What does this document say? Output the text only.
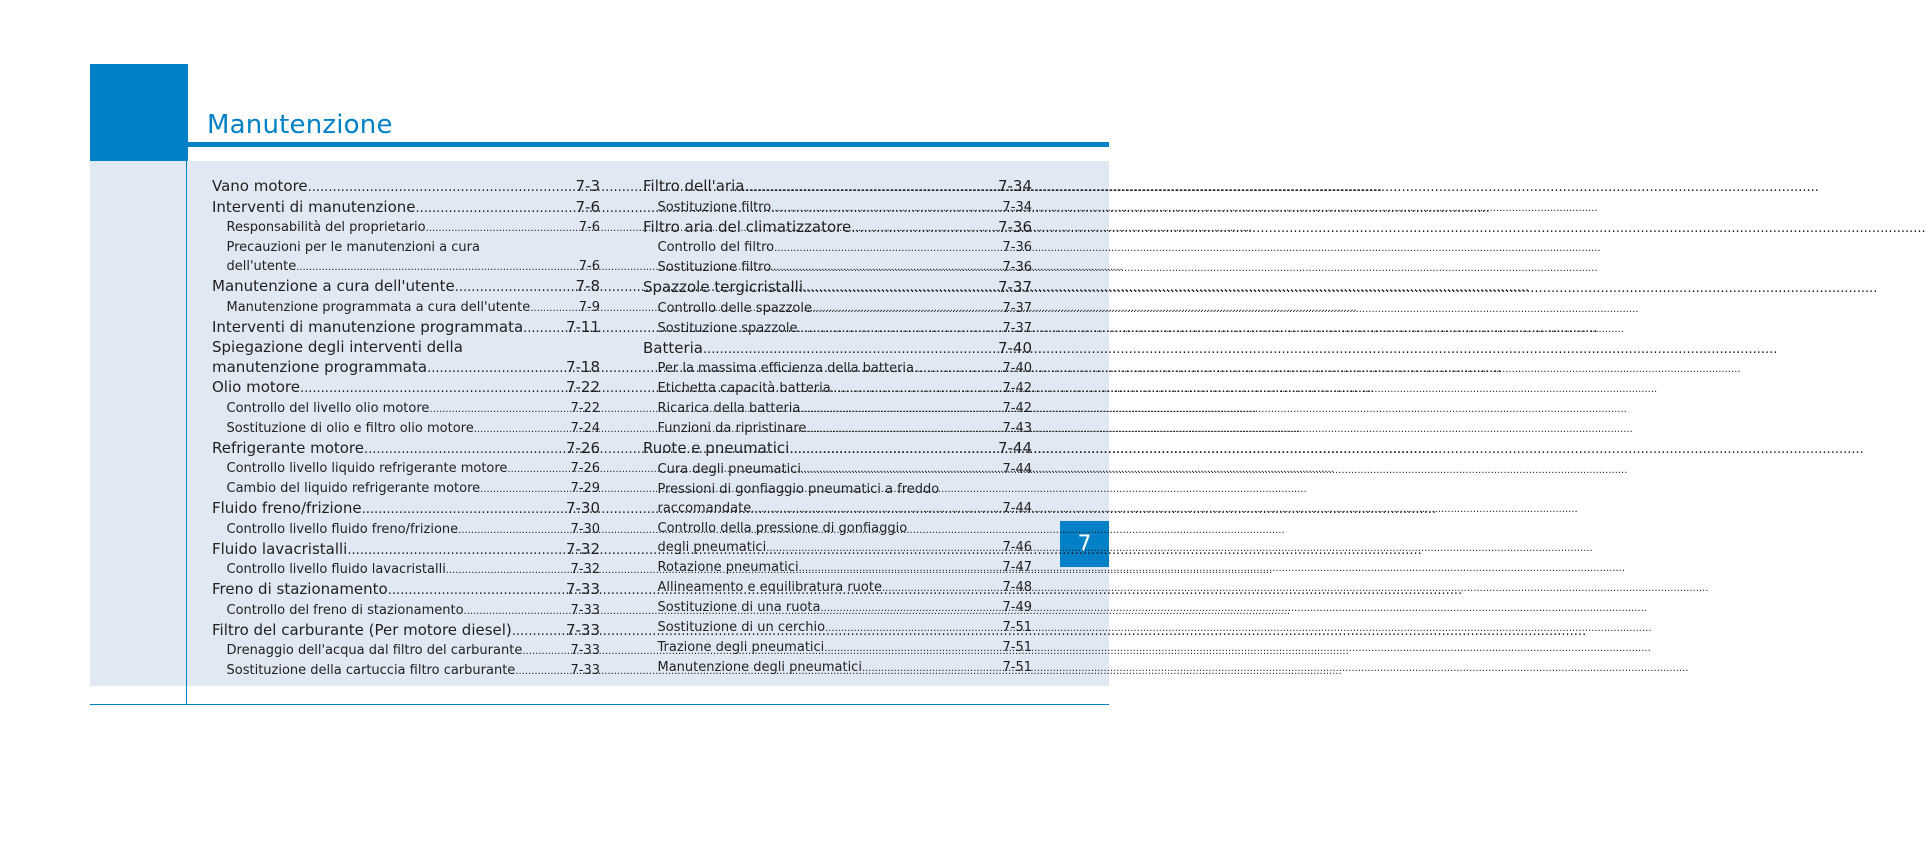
Manutenzione
7
Vano motore .....	7-3
Interventi di manutenzione .....	7-6
Responsabilità del proprietario .....	7-6
Precauzioni per le manutenzioni a cura
dell'utente .....	7-6
Manutenzione a cura dell'utente .....	7-8
Manutenzione programmata a cura dell'utente .....	7-9
Interventi di manutenzione programmata .....	7-11
Spiegazione degli interventi della
manutenzione programmata .....	7-18
Olio motore .....	7-22
Controllo del livello olio motore .....	7-22
Sostituzione di olio e filtro olio motore .....	7-24
Refrigerante motore .....	7-26
Controllo livello liquido refrigerante motore .....	7-26
Cambio del liquido refrigerante motore .....	7-29
Fluido freno/frizione .....	7-30
Controllo livello fluido freno/frizione .....	7-30
Fluido lavacristalli .....	7-32
Controllo livello fluido lavacristalli .....	7-32
Freno di stazionamento .....	7-33
Controllo del freno di stazionamento .....	7-33
Filtro del carburante (Per motore diesel) .....	7-33
Drenaggio dell'acqua dal filtro del carburante .....	7-33
Sostituzione della cartuccia filtro carburante .....	7-33
Filtro dell'aria .....	7-34
Sostituzione filtro .....	7-34
Filtro aria del climatizzatore .....	7-36
Controllo del filtro .....	7-36
Sostituzione filtro .....	7-36
Spazzole tergicristalli .....	7-37
Controllo delle spazzole .....	7-37
Sostituzione spazzole .....	7-37
Batteria .....	7-40
Per la massima efficienza della batteria .....	7-40
Etichetta capacità batteria .....	7-42
Ricarica della batteria .....	7-42
Funzioni da ripristinare .....	7-43
Ruote e pneumatici .....	7-44
Cura degli pneumatici .....	7-44
Pressioni di gonfiaggio pneumatici a freddo
raccomandate .....	7-44
Controllo della pressione di gonfiaggio
degli pneumatici .....	7-46
Rotazione pneumatici .....	7-47
Allineamento e equilibratura ruote .....	7-48
Sostituzione di una ruota .....	7-49
Sostituzione di un cerchio .....	7-51
Trazione degli pneumatici .....	7-51
Manutenzione degli pneumatici .....	7-51
